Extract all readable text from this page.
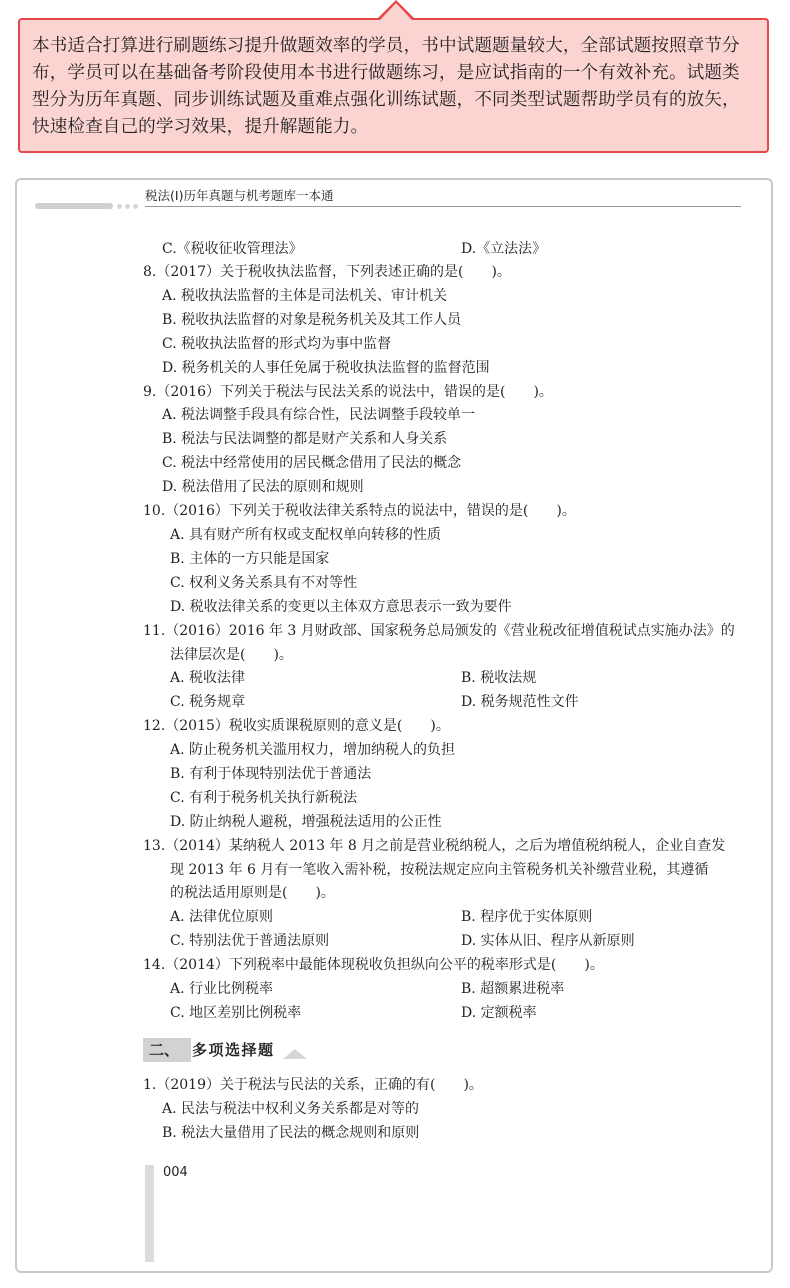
本书适合打算进行刷题练习提升做题效率的学员，书中试题题量较大，全部试题按照章节分布，学员可以在基础备考阶段使用本书进行做题练习，是应试指南的一个有效补充。试题类型分为历年真题、同步训练试题及重难点强化训练试题，不同类型试题帮助学员有的放矢，快速检查自己的学习效果，提升解题能力。

税法(Ⅰ)历年真题与机考题库一本通
C.《税收征收管理法》	D.《立法法》
8.（2017）关于税收执法监督，下列表述正确的是(　　)。
A. 税收执法监督的主体是司法机关、审计机关
B. 税收执法监督的对象是税务机关及其工作人员
C. 税收执法监督的形式均为事中监督
D. 税务机关的人事任免属于税收执法监督的监督范围
9.（2016）下列关于税法与民法关系的说法中，错误的是(　　)。
A. 税法调整手段具有综合性，民法调整手段较单一
B. 税法与民法调整的都是财产关系和人身关系
C. 税法中经常使用的居民概念借用了民法的概念
D. 税法借用了民法的原则和规则
10.（2016）下列关于税收法律关系特点的说法中，错误的是(　　)。
A. 具有财产所有权或支配权单向转移的性质
B. 主体的一方只能是国家
C. 权利义务关系具有不对等性
D. 税收法律关系的变更以主体双方意思表示一致为要件
11.（2016）2016 年 3 月财政部、国家税务总局颁发的《营业税改征增值税试点实施办法》的
法律层次是(　　)。
A. 税收法律	B. 税收法规
C. 税务规章	D. 税务规范性文件
12.（2015）税收实质课税原则的意义是(　　)。
A. 防止税务机关滥用权力，增加纳税人的负担
B. 有利于体现特别法优于普通法
C. 有利于税务机关执行新税法
D. 防止纳税人避税，增强税法适用的公正性
13.（2014）某纳税人 2013 年 8 月之前是营业税纳税人，之后为增值税纳税人，企业自查发
现 2013 年 6 月有一笔收入需补税，按税法规定应向主管税务机关补缴营业税，其遵循
的税法适用原则是(　　)。
A. 法律优位原则	B. 程序优于实体原则
C. 特别法优于普通法原则	D. 实体从旧、程序从新原则
14.（2014）下列税率中最能体现税收负担纵向公平的税率形式是(　　)。
A. 行业比例税率	B. 超额累进税率
C. 地区差别比例税率	D. 定额税率
二、 多项选择题
1.（2019）关于税法与民法的关系，正确的有(　　)。
A. 民法与税法中权利义务关系都是对等的
B. 税法大量借用了民法的概念规则和原则
004
